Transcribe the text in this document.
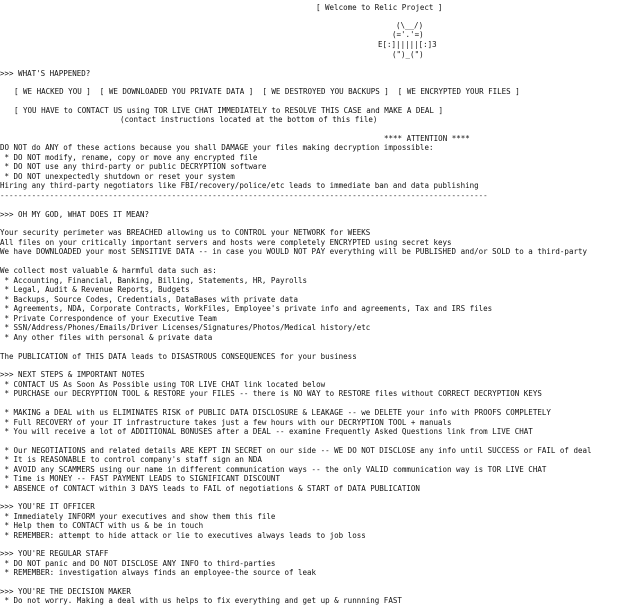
[ Welcome to Relic Project ]
(\__/)
(='.'=)
E[:]|||||[:]3
(")_(")
>>> WHAT'S HAPPENED?
[ WE HACKED YOU ]  [ WE DOWNLOADED YOU PRIVATE DATA ]  [ WE DESTROYED YOU BACKUPS ]  [ WE ENCRYPTED YOUR FILES ]
[ YOU HAVE to CONTACT US using TOR LIVE CHAT IMMEDIATELY to RESOLVE THIS CASE and MAKE A DEAL ]
(contact instructions located at the bottom of this file)
**** ATTENTION ****
DO NOT do ANY of these actions because you shall DAMAGE your files making decryption impossible:
* DO NOT modify, rename, copy or move any encrypted file
* DO NOT use any third-party or public DECRYPTION software
* DO NOT unexpectedly shutdown or reset your system
Hiring any third-party negotiators like FBI/recovery/police/etc leads to immediate ban and data publishing
------------------------------------------------------------------------------------------------------------
>>> OH MY GOD, WHAT DOES IT MEAN?
Your security perimeter was BREACHED allowing us to CONTROL your NETWORK for WEEKS
All files on your critically important servers and hosts were completely ENCRYPTED using secret keys
We have DOWNLOADED your most SENSITIVE DATA -- in case you WOULD NOT PAY everything will be PUBLISHED and/or SOLD to a third-party
We collect most valuable & harmful data such as:
* Accounting, Financial, Banking, Billing, Statements, HR, Payrolls
* Legal, Audit & Revenue Reports, Budgets
* Backups, Source Codes, Credentials, DataBases with private data
* Agreements, NDA, Corporate Contracts, WorkFiles, Employee's private info and agreements, Tax and IRS files
* Private Correspondence of your Executive Team
* SSN/Address/Phones/Emails/Driver Licenses/Signatures/Photos/Medical history/etc
* Any other files with personal & private data
The PUBLICATION of THIS DATA leads to DISASTROUS CONSEQUENCES for your business
>>> NEXT STEPS & IMPORTANT NOTES
* CONTACT US As Soon As Possible using TOR LIVE CHAT link located below
* PURCHASE our DECRYPTION TOOL & RESTORE your FILES -- there is NO WAY to RESTORE files without CORRECT DECRYPTION KEYS
* MAKING a DEAL with us ELIMINATES RISK of PUBLIC DATA DISCLOSURE & LEAKAGE -- we DELETE your info with PROOFS COMPLETELY
* Full RECOVERY of your IT infrastructure takes just a few hours with our DECRYPTION TOOL + manuals
* You will receive a lot of ADDITIONAL BONUSES after a DEAL -- examine Frequently Asked Questions link from LIVE CHAT
* Our NEGOTIATIONS and related details ARE KEPT IN SECRET on our side -- WE DO NOT DISCLOSE any info until SUCCESS or FAIL of deal
* It is REASONABLE to control company's staff sign an NDA
* AVOID any SCAMMERS using our name in different communication ways -- the only VALID communication way is TOR LIVE CHAT
* Time is MONEY -- FAST PAYMENT LEADS to SIGNIFICANT DISCOUNT
* ABSENCE of CONTACT within 3 DAYS leads to FAIL of negotiations & START of DATA PUBLICATION
>>> YOU'RE IT OFFICER
* Immediately INFORM your executives and show them this file
* Help them to CONTACT with us & be in touch
* REMEMBER: attempt to hide attack or lie to executives always leads to job loss
>>> YOU'RE REGULAR STAFF
* DO NOT panic and DO NOT DISCLOSE ANY INFO to third-parties
* REMEMBER: investigation always finds an employee-the source of leak
>>> YOU'RE THE DECISION MAKER
* Do not worry. Making a deal with us helps to fix everything and get up & runnning FAST
